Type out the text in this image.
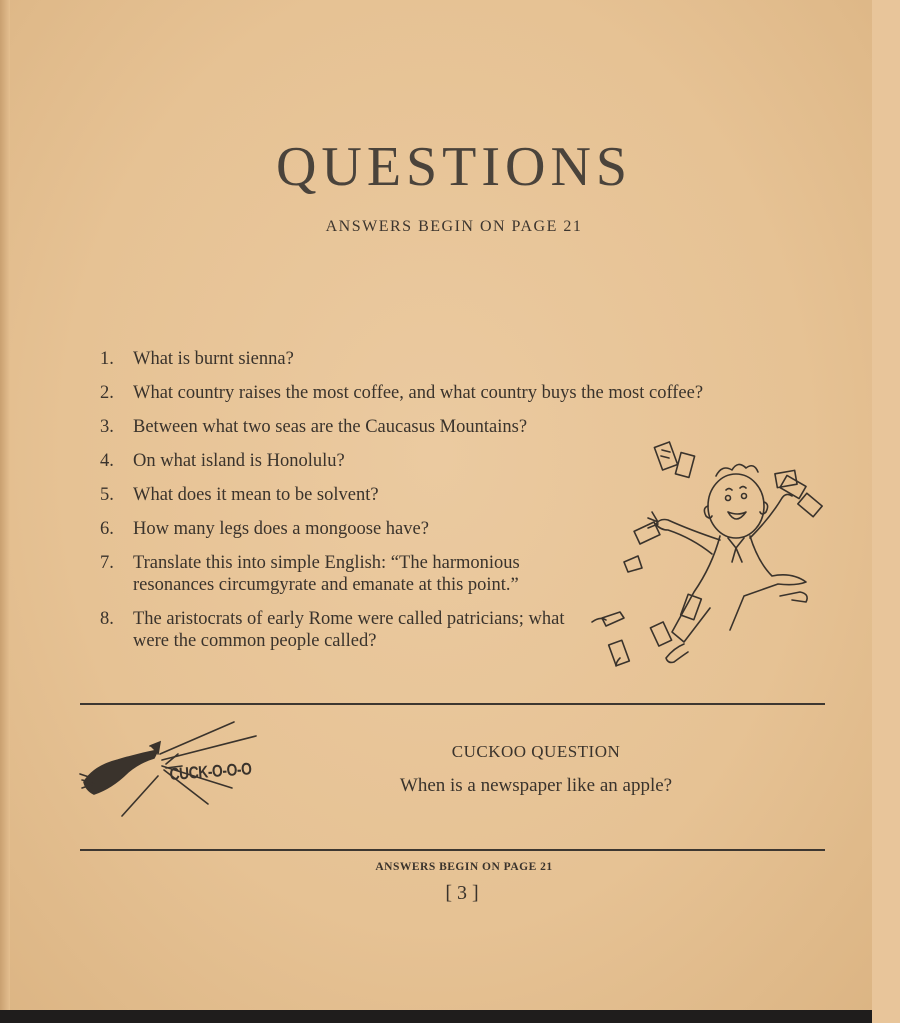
QUESTIONS
ANSWERS BEGIN ON PAGE 21
1. What is burnt sienna?
2. What country raises the most coffee, and what country buys the most coffee?
3. Between what two seas are the Caucasus Mountains?
4. On what island is Honolulu?
5. What does it mean to be solvent?
6. How many legs does a mongoose have?
7. Translate this into simple English: “The harmonious resonances circumgyrate and emanate at this point.”
8. The aristocrats of early Rome were called patricians; what were the common people called?
CUCK-O-O-O
CUCKOO QUESTION
When is a newspaper like an apple?
ANSWERS BEGIN ON PAGE 21
[ 3 ]
